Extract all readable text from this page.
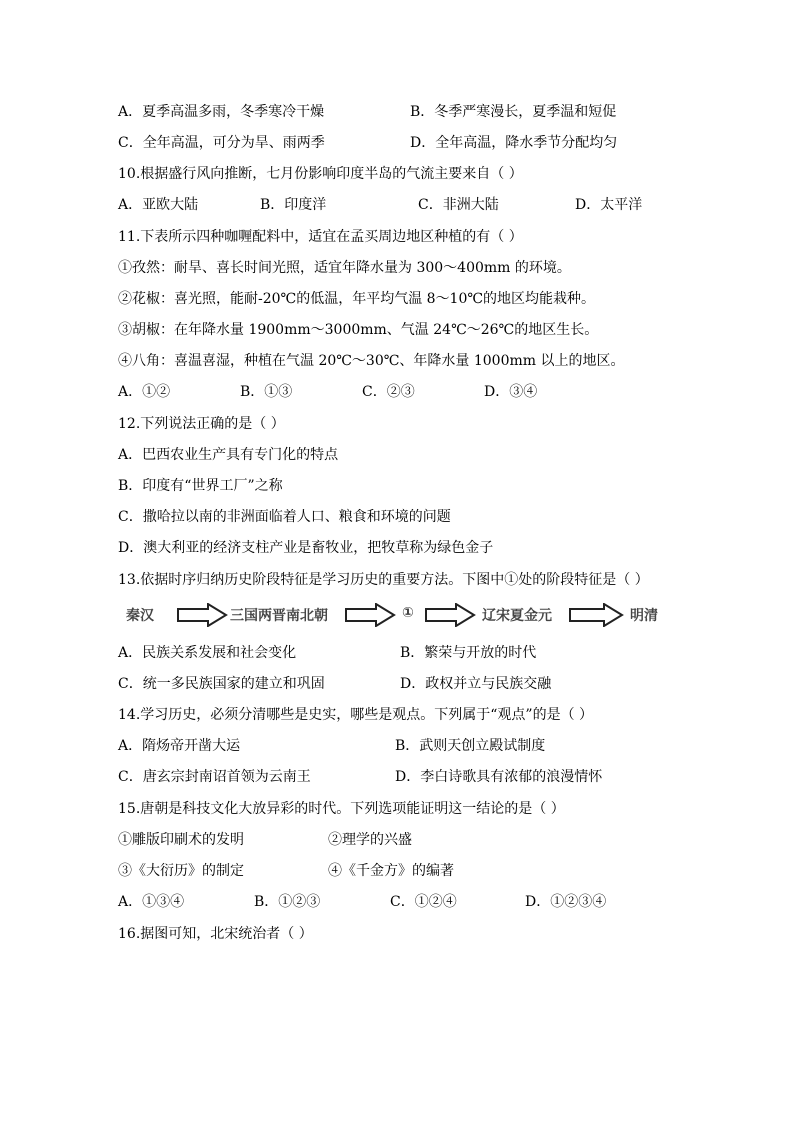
A．夏季高温多雨，冬季寒冷干燥	B．冬季严寒漫长，夏季温和短促
C．全年高温，可分为旱、雨两季	D．全年高温，降水季节分配均匀
10.根据盛行风向推断，七月份影响印度半岛的气流主要来自（ ）
A．亚欧大陆	B．印度洋	C．非洲大陆	D．太平洋
11.下表所示四种咖喱配料中，适宜在孟买周边地区种植的有（ ）
①孜然：耐旱、喜长时间光照，适宜年降水量为 300～400mm 的环境。
②花椒：喜光照，能耐-20℃的低温，年平均气温 8～10℃的地区均能栽种。
③胡椒：在年降水量 1900mm～3000mm、气温 24℃～26℃的地区生长。
④八角：喜温喜湿，种植在气温 20℃～30℃、年降水量 1000mm 以上的地区。
A．①②	B．①③	C．②③	D．③④
12.下列说法正确的是（ ）
A．巴西农业生产具有专门化的特点
B．印度有“世界工厂”之称
C．撒哈拉以南的非洲面临着人口、粮食和环境的问题
D．澳大利亚的经济支柱产业是畜牧业，把牧草称为绿色金子
13.依据时序归纳历史阶段特征是学习历史的重要方法。下图中①处的阶段特征是（ ）
秦汉	三国两晋南北朝	①	辽宋夏金元	明清
A．民族关系发展和社会变化	B．繁荣与开放的时代
C．统一多民族国家的建立和巩固	D．政权并立与民族交融
14.学习历史，必须分清哪些是史实，哪些是观点。下列属于“观点”的是（ ）
A．隋炀帝开凿大运	B．武则天创立殿试制度
C．唐玄宗封南诏首领为云南王	D．李白诗歌具有浓郁的浪漫情怀
15.唐朝是科技文化大放异彩的时代。下列选项能证明这一结论的是（ ）
①雕版印刷术的发明	②理学的兴盛
③《大衍历》的制定	④《千金方》的编著
A．①③④	B．①②③	C．①②④	D．①②③④
16.据图可知，北宋统治者（ ）
